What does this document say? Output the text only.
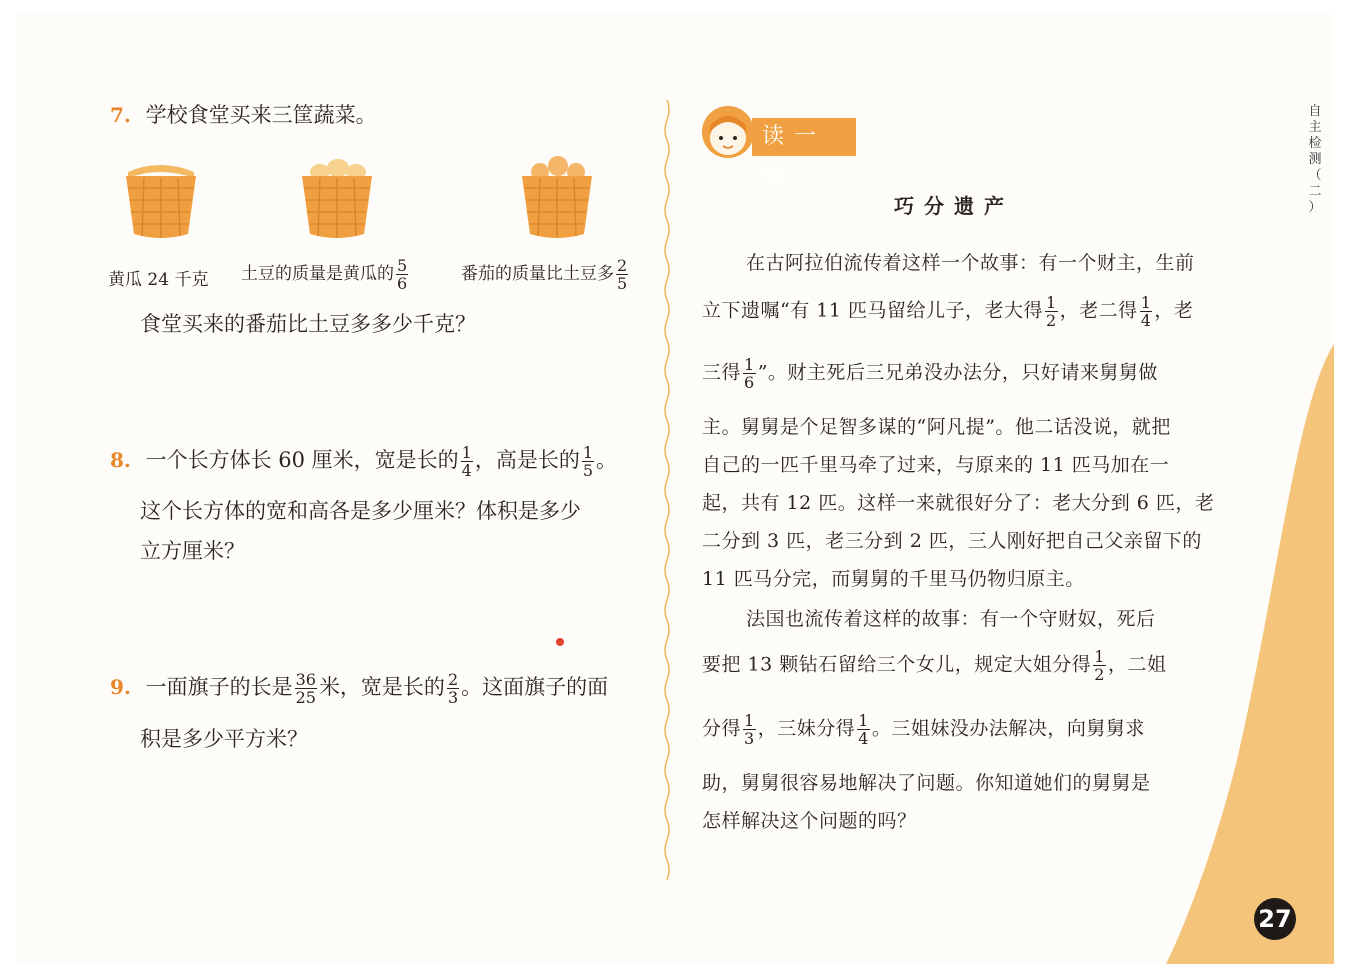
7. 学校食堂买来三筐蔬菜。
黄瓜 24 千克 土豆的质量是黄瓜的 $\frac{5}{6}$	番茄的质量比土豆多 $\frac{2}{5}$
食堂买来的番茄比土豆多多少千克？
8. 一个长方体长 60 厘米，宽是长的 $\frac{1}{4}$ ，高是长的 $\frac{1}{5}$ 。
这个长方体的宽和高各是多少厘米？体积是多少
立方厘米？
9. 一面旗子的长是 $\frac{36}{25}$ 米，宽是长的 $\frac{2}{3}$ 。这面旗子的面
积是多少平方米？
读一读
巧分遗产
在古阿拉伯流传着这样一个故事：有一个财主，生前
立下遗嘱“有 11 匹马留给儿子，老大得 $\frac{1}{2}$ ，老二得 $\frac{1}{4}$ ，老
三得 $\frac{1}{6}$ ”。财主死后三兄弟没办法分，只好请来舅舅做
主。舅舅是个足智多谋的“阿凡提”。他二话没说，就把
自己的一匹千里马牵了过来，与原来的 11 匹马加在一
起，共有 12 匹。这样一来就很好分了：老大分到 6 匹，老
二分到 3 匹，老三分到 2 匹，三人刚好把自己父亲留下的
11 匹马分完，而舅舅的千里马仍物归原主。
法国也流传着这样的故事：有一个守财奴，死后
要把 13 颗钻石留给三个女儿，规定大姐分得 $\frac{1}{2}$ ，二姐
分得 $\frac{1}{3}$ ，三妹分得 $\frac{1}{4}$ 。三姐妹没办法解决，向舅舅求
助，舅舅很容易地解决了问题。你知道她们的舅舅是
怎样解决这个问题的吗？
自
主
检
测
（
二
）
27
